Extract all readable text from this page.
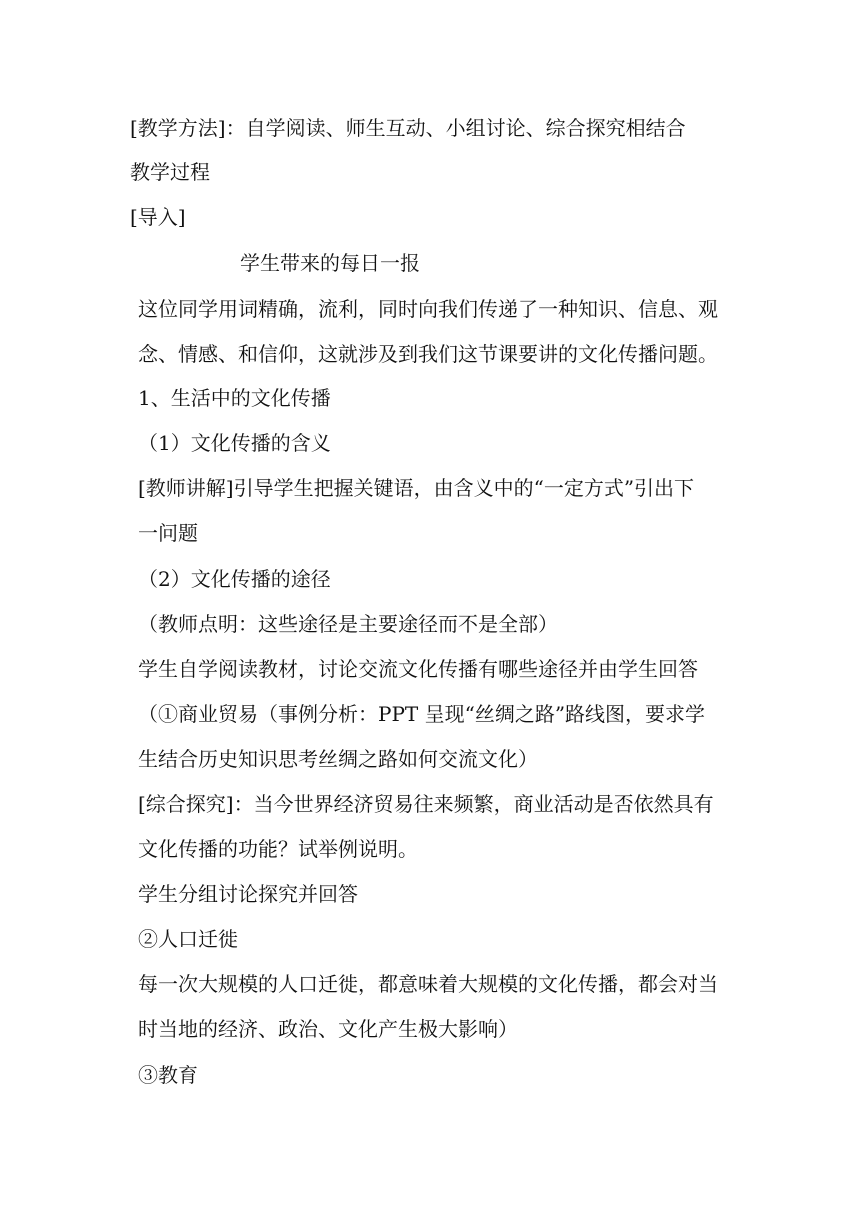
[教学方法]：自学阅读、师生互动、小组讨论、综合探究相结合

教学过程

[导入]

学生带来的每日一报

这位同学用词精确，流利，同时向我们传递了一种知识、信息、观

念、情感、和信仰，这就涉及到我们这节课要讲的文化传播问题。

1、生活中的文化传播

（1）文化传播的含义

[教师讲解]引导学生把握关键语，由含义中的“一定方式”引出下

一问题

（2）文化传播的途径

（教师点明：这些途径是主要途径而不是全部）

学生自学阅读教材，讨论交流文化传播有哪些途径并由学生回答

（①商业贸易（事例分析：PPT 呈现“丝绸之路”路线图，要求学

生结合历史知识思考丝绸之路如何交流文化）

[综合探究]：当今世界经济贸易往来频繁，商业活动是否依然具有

文化传播的功能？试举例说明。

学生分组讨论探究并回答

②人口迁徙

每一次大规模的人口迁徙，都意味着大规模的文化传播，都会对当

时当地的经济、政治、文化产生极大影响）

③教育
